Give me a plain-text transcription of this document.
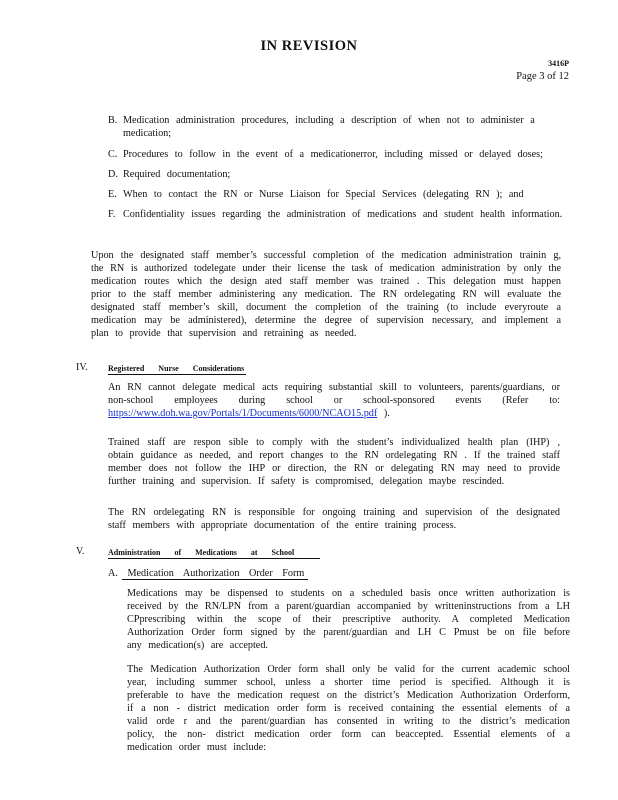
IN REVISION
3416P
Page 3 of 12
B. Medication administration procedures, including a description of when not to administer a medication;
C. Procedures to follow in the event of a medicationerror, including missed or delayed doses;
D. Required documentation;
E. When to contact the RN or Nurse Liaison for Special Services (delegating RN ); and
F. Confidentiality issues regarding the administration of medications and student health information.
Upon the designated staff member’s successful completion of the medication administration trainin g, the RN is authorized todelegate under their license the task of medication administration by only the medication routes which the design ated staff member was trained . This delegation must happen prior to the staff member administering any medication. The RN ordelegating RN will evaluate the designated staff member’s skill, document the completion of the training (to include everyroute a medication may be administered), determine the degree of supervision necessary, and implement a plan to provide that supervision and retraining as needed.
IV.	Registered Nurse Considerations
An RN cannot delegate medical acts requiring substantial skill to volunteers, parents/guardians, or non-school employees during school or school-sponsored events (Refer to: https://www.doh.wa.gov/Portals/1/Documents/6000/NCAO15.pdf ).
Trained staff are respon sible to comply with the student’s individualized health plan (IHP) , obtain guidance as needed, and report changes to the RN ordelegating RN . If the trained staff member does not follow the IHP or direction, the RN or delegating RN may need to provide further training and supervision. If safety is compromised, delegation maybe rescinded.
The RN ordelegating RN is responsible for ongoing training and supervision of the designated staff members with appropriate documentation of the entire training process.
V.	Administration of Medications at School
A. Medication Authorization Order Form
Medications may be dispensed to students on a scheduled basis once written authorization is received by the RN/LPN from a parent/guardian accompanied by writteninstructions from a LH CPprescribing within the scope of their prescriptive authority. A completed Medication Authorization Order form signed by the parent/guardian and LH C Pmust be on file before any medication(s) are accepted.
The Medication Authorization Order form shall only be valid for the current academic school year, including summer school, unless a shorter time period is specified. Although it is preferable to have the medication request on the district’s Medication Authorization Orderform, if a non - district medication order form is received containing the essential elements of a valid orde r and the parent/guardian has consented in writing to the district’s medication policy, the non- district medication order form can beaccepted. Essential elements of a medication order must include:
